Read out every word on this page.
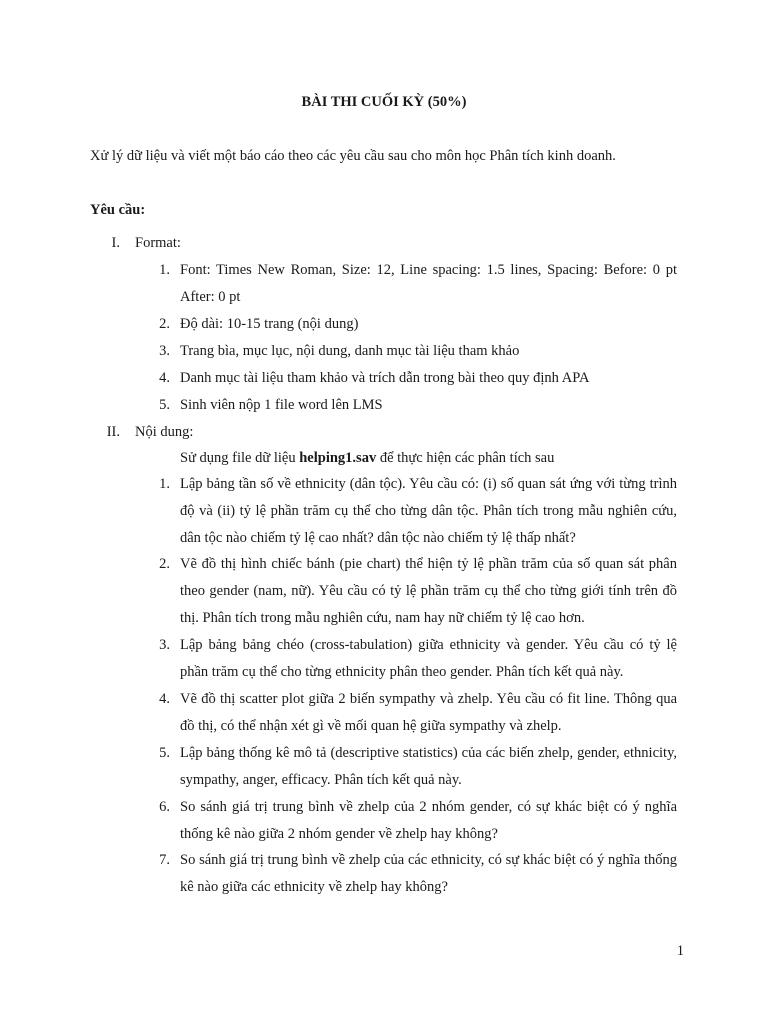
BÀI THI CUỐI KỲ (50%)
Xử lý dữ liệu và viết một báo cáo theo các yêu cầu sau cho môn học Phân tích kinh doanh.
Yêu cầu:
I. Format:
1. Font: Times New Roman, Size: 12, Line spacing: 1.5 lines, Spacing: Before: 0 pt After: 0 pt
2. Độ dài: 10-15 trang (nội dung)
3. Trang bìa, mục lục, nội dung, danh mục tài liệu tham khảo
4. Danh mục tài liệu tham khảo và trích dẫn trong bài theo quy định APA
5. Sinh viên nộp 1 file word lên LMS
II. Nội dung:
Sử dụng file dữ liệu helping1.sav để thực hiện các phân tích sau
1. Lập bảng tần số về ethnicity (dân tộc). Yêu cầu có: (i) số quan sát ứng với từng trình độ và (ii) tỷ lệ phần trăm cụ thể cho từng dân tộc. Phân tích trong mẫu nghiên cứu, dân tộc nào chiếm tỷ lệ cao nhất? dân tộc nào chiếm tỷ lệ thấp nhất?
2. Vẽ đồ thị hình chiếc bánh (pie chart) thể hiện tỷ lệ phần trăm của số quan sát phân theo gender (nam, nữ). Yêu cầu có tỷ lệ phần trăm cụ thể cho từng giới tính trên đồ thị. Phân tích trong mẫu nghiên cứu, nam hay nữ chiếm tỷ lệ cao hơn.
3. Lập bảng bảng chéo (cross-tabulation) giữa ethnicity và gender. Yêu cầu có tỷ lệ phần trăm cụ thể cho từng ethnicity phân theo gender. Phân tích kết quả này.
4. Vẽ đồ thị scatter plot giữa 2 biến sympathy và zhelp. Yêu cầu có fit line. Thông qua đồ thị, có thể nhận xét gì về mối quan hệ giữa sympathy và zhelp.
5. Lập bảng thống kê mô tả (descriptive statistics) của các biến zhelp, gender, ethnicity, sympathy, anger, efficacy. Phân tích kết quả này.
6. So sánh giá trị trung bình về zhelp của 2 nhóm gender, có sự khác biệt có ý nghĩa thống kê nào giữa 2 nhóm gender về zhelp hay không?
7. So sánh giá trị trung bình về zhelp của các ethnicity, có sự khác biệt có ý nghĩa thống kê nào giữa các ethnicity về zhelp hay không?
1
